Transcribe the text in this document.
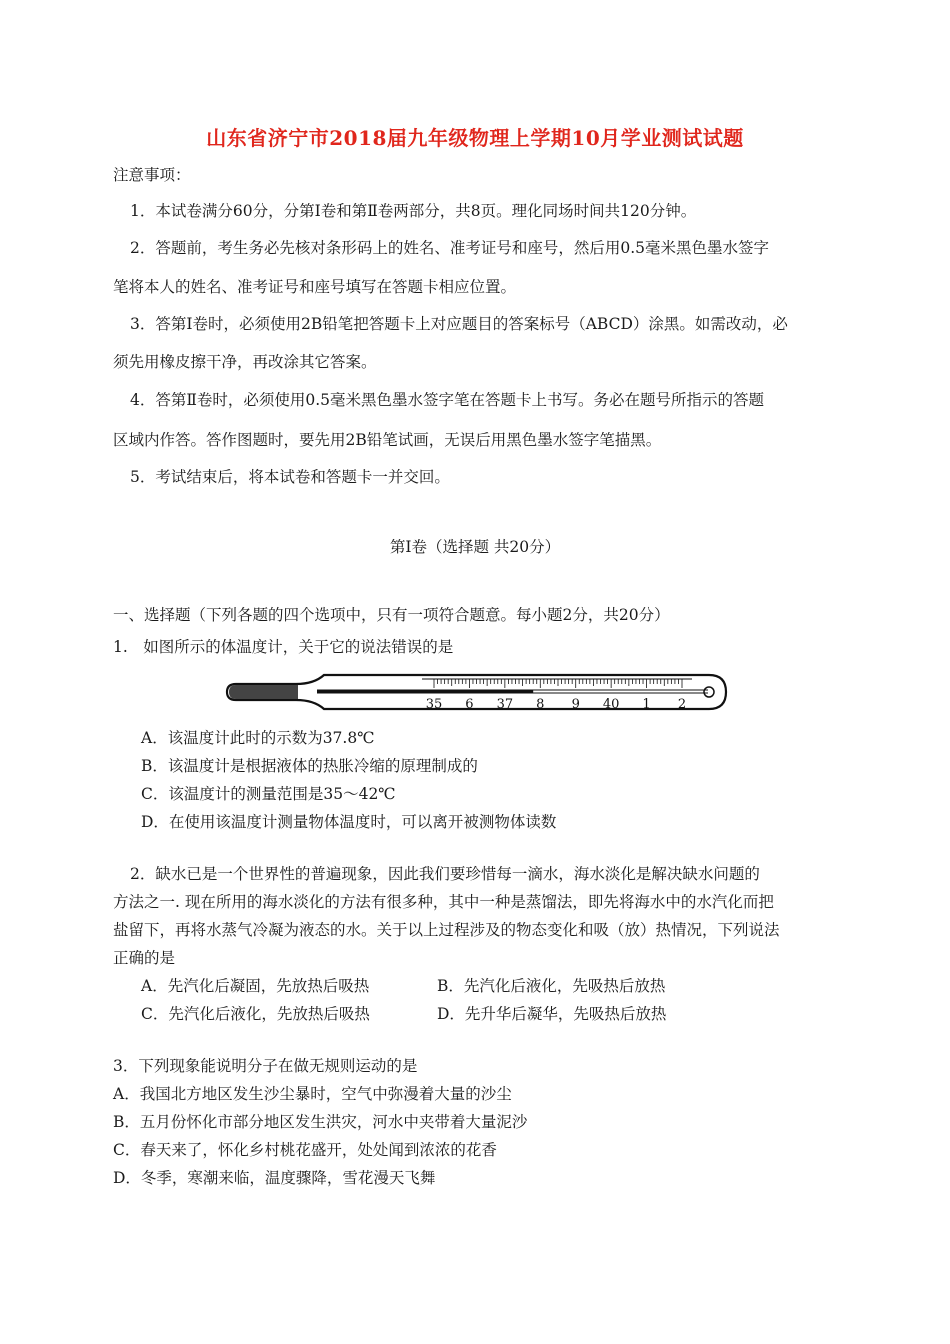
山东省济宁市2018届九年级物理上学期10月学业测试试题
注意事项：
1．本试卷满分60分，分第Ⅰ卷和第Ⅱ卷两部分，共8页。理化同场时间共120分钟。
2．答题前，考生务必先核对条形码上的姓名、准考证号和座号，然后用0.5毫米黑色墨水签字
笔将本人的姓名、准考证号和座号填写在答题卡相应位置。
3．答第Ⅰ卷时，必须使用2B铅笔把答题卡上对应题目的答案标号（ABCD）涂黑。如需改动，必
须先用橡皮擦干净，再改涂其它答案。
4．答第Ⅱ卷时，必须使用0.5毫米黑色墨水签字笔在答题卡上书写。务必在题号所指示的答题
区域内作答。答作图题时，要先用2B铅笔试画，无误后用黑色墨水签字笔描黑。
5．考试结束后，将本试卷和答题卡一并交回。
第Ⅰ卷（选择题 共20分）
一、选择题（下列各题的四个选项中，只有一项符合题意。每小题2分，共20分）
1.　如图所示的体温度计，关于它的说法错误的是
35 6 37 8 9 40 1 2
A．该温度计此时的示数为37.8℃
B．该温度计是根据液体的热胀冷缩的原理制成的
C．该温度计的测量范围是35～42℃
D．在使用该温度计测量物体温度时，可以离开被测物体读数
2．缺水已是一个世界性的普遍现象，因此我们要珍惜每一滴水，海水淡化是解决缺水问题的
方法之一. 现在所用的海水淡化的方法有很多种，其中一种是蒸馏法，即先将海水中的水汽化而把
盐留下，再将水蒸气冷凝为液态的水。关于以上过程涉及的物态变化和吸（放）热情况，下列说法
正确的是
A．先汽化后凝固，先放热后吸热	B．先汽化后液化，先吸热后放热
C．先汽化后液化，先放热后吸热	D．先升华后凝华，先吸热后放热
3．下列现象能说明分子在做无规则运动的是
A．我国北方地区发生沙尘暴时，空气中弥漫着大量的沙尘
B．五月份怀化市部分地区发生洪灾，河水中夹带着大量泥沙
C．春天来了，怀化乡村桃花盛开，处处闻到浓浓的花香
D．冬季，寒潮来临，温度骤降，雪花漫天飞舞
